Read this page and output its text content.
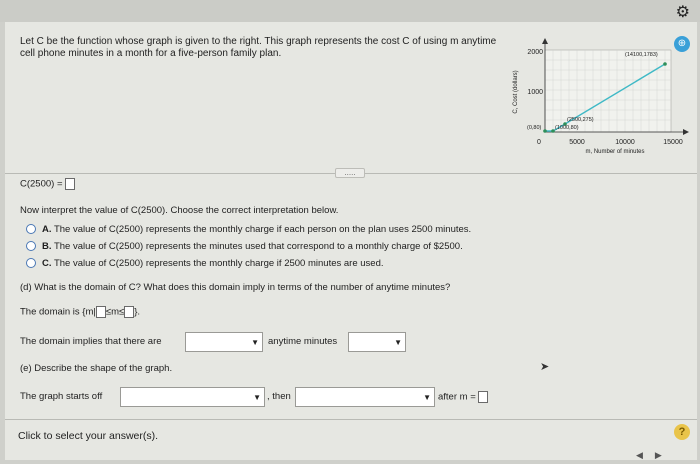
⚙
Let C be the function whose graph is given to the right. This graph represents the cost C of using m anytime cell phone minutes in a month for a five-person family plan.	2000
1000
0	5000	10000	15000
m, Number of minutes
C, Cost (dollars)
(14100,1783)
(2500,275)
(0,80) (1000,80)
⊕
.....
C(2500) =
Now interpret the value of C(2500). Choose the correct interpretation below.
A. The value of C(2500) represents the monthly charge if each person on the plan uses 2500 minutes.
B. The value of C(2500) represents the minutes used that correspond to a monthly charge of $2500.
C. The value of C(2500) represents the monthly charge if 2500 minutes are used.
(d) What is the domain of C? What does this domain imply in terms of the number of anytime minutes?
The domain is {m| ≤m≤ }.
The domain implies that there are	▼ anytime minutes	▼
(e) Describe the shape of the graph.
The graph starts off	▼ , then	▼ after m =
Click to select your answer(s).	?
➤
◀▶
